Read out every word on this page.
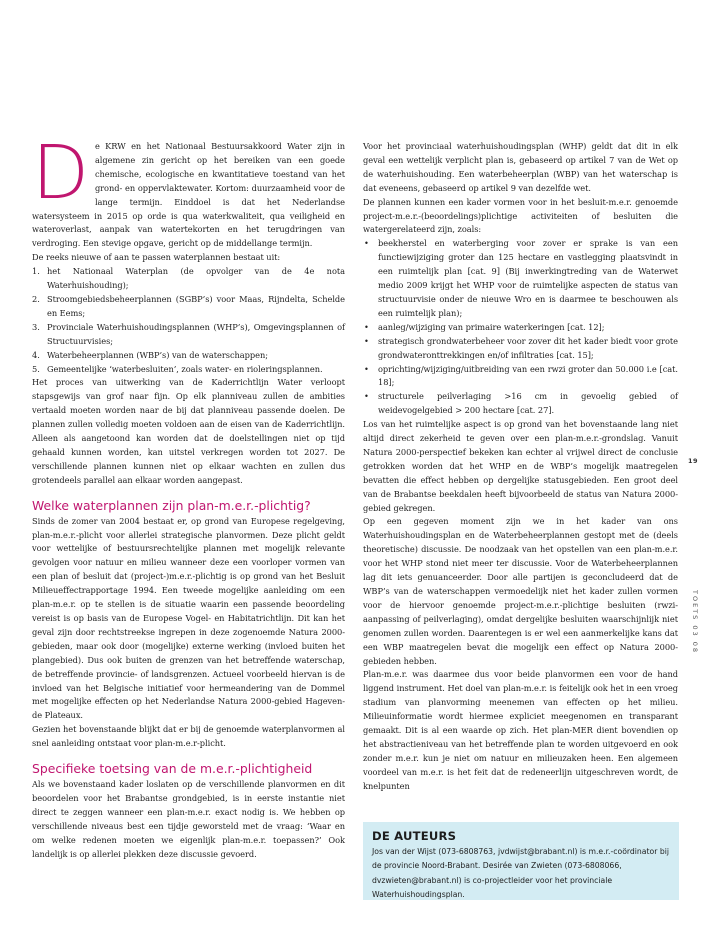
De KRW en het Nationaal Bestuursakkoord Water zijn in algemene zin gericht op het bereiken van een goede chemische, ecologische en kwantitatieve toestand van het grond- en oppervlaktewater. Kortom: duurzaamheid voor de lange termijn. Einddoel is dat het Nederlandse watersysteem in 2015 op orde is qua waterkwaliteit, qua veiligheid en wateroverlast, aanpak van watertekorten en het terugdringen van verdroging. Een stevige opgave, gericht op de middellange termijn.

De reeks nieuwe of aan te passen waterplannen bestaat uit:

1. het Nationaal Waterplan (de opvolger van de 4e nota Waterhuishouding);
2. Stroomgebiedsbeheerplannen (SGBP’s) voor Maas, Rijndelta, Schelde en Eems;
3. Provinciale Waterhuishoudingsplannen (WHP’s), Omgevingsplannen of Structuurvisies;
4. Waterbeheerplannen (WBP’s) van de waterschappen;
5. Gemeentelijke ‘waterbesluiten’, zoals water- en rioleringsplannen.

Het proces van uitwerking van de Kaderrichtlijn Water verloopt stapsgewijs van grof naar fijn. Op elk planniveau zullen de ambities vertaald moeten worden naar de bij dat planniveau passende doelen. De plannen zullen volledig moeten voldoen aan de eisen van de Kaderrichtlijn. Alleen als aangetoond kan worden dat de doelstellingen niet op tijd gehaald kunnen worden, kan uitstel verkregen worden tot 2027. De verschillende plannen kunnen niet op elkaar wachten en zullen dus grotendeels parallel aan elkaar worden aangepast.

Welke waterplannen zijn plan-m.e.r.-plichtig?

Sinds de zomer van 2004 bestaat er, op grond van Europese regelgeving, plan-m.e.r.-plicht voor allerlei strategische planvormen. Deze plicht geldt voor wettelijke of bestuursrechtelijke plannen met mogelijk relevante gevolgen voor natuur en milieu wanneer deze een voorloper vormen van een plan of besluit dat (project-)m.e.r.-plichtig is op grond van het Besluit Milieueffectrapportage 1994. Een tweede mogelijke aanleiding om een plan-m.e.r. op te stellen is de situatie waarin een passende beoordeling vereist is op basis van de Europese Vogel- en Habitatrichtlijn. Dit kan het geval zijn door rechtstreekse ingrepen in deze zogenoemde Natura 2000-gebieden, maar ook door (mogelijke) externe werking (invloed buiten het plangebied). Dus ook buiten de grenzen van het betreffende waterschap, de betreffende provincie- of landsgrenzen. Actueel voorbeeld hiervan is de invloed van het Belgische initiatief voor hermeandering van de Dommel met mogelijke effecten op het Nederlandse Natura 2000-gebied Hageven-de Plateaux.

Gezien het bovenstaande blijkt dat er bij de genoemde waterplanvormen al snel aanleiding ontstaat voor plan-m.e.r-plicht.

Specifieke toetsing van de m.e.r.-plichtigheid

Als we bovenstaand kader loslaten op de verschillende planvormen en dit beoordelen voor het Brabantse grondgebied, is in eerste instantie niet direct te zeggen wanneer een plan-m.e.r. exact nodig is. We hebben op verschillende niveaus best een tijdje geworsteld met de vraag: ‘Waar en om welke redenen moeten we eigenlijk plan-m.e.r. toepassen?’ Ook landelijk is op allerlei plekken deze discussie gevoerd.

Voor het provinciaal waterhuishoudingsplan (WHP) geldt dat dit in elk geval een wettelijk verplicht plan is, gebaseerd op artikel 7 van de Wet op de waterhuishouding. Een waterbeheerplan (WBP) van het waterschap is dat eveneens, gebaseerd op artikel 9 van dezelfde wet.

De plannen kunnen een kader vormen voor in het besluit-m.e.r. genoemde project-m.e.r.-(beoordelings)plichtige activiteiten of besluiten die watergerelateerd zijn, zoals:

• beekherstel en waterberging voor zover er sprake is van een functiewijziging groter dan 125 hectare en vastlegging plaatsvindt in een ruimtelijk plan [cat. 9] (Bij inwerkingtreding van de Waterwet medio 2009 krijgt het WHP voor de ruimtelijke aspecten de status van structuurvisie onder de nieuwe Wro en is daarmee te beschouwen als een ruimtelijk plan);
• aanleg/wijziging van primaire waterkeringen [cat. 12];
• strategisch grondwaterbeheer voor zover dit het kader biedt voor grote grondwateronttrekkingen en/of infiltraties [cat. 15];
• oprichting/wijziging/uitbreiding van een rwzi groter dan 50.000 i.e [cat. 18];
• structurele peilverlaging >16 cm in gevoelig gebied of weidevogelgebied > 200 hectare [cat. 27].

Los van het ruimtelijke aspect is op grond van het bovenstaande lang niet altijd direct zekerheid te geven over een plan-m.e.r.-grondslag. Vanuit Natura 2000-perspectief bekeken kan echter al vrijwel direct de conclusie getrokken worden dat het WHP en de WBP’s mogelijk maatregelen bevatten die effect hebben op dergelijke statusgebieden. Een groot deel van de Brabantse beekdalen heeft bijvoorbeeld de status van Natura 2000-gebied gekregen.

Op een gegeven moment zijn we in het kader van ons Waterhuishoudingsplan en de Waterbeheerplannen gestopt met de (deels theoretische) discussie. De noodzaak van het opstellen van een plan-m.e.r. voor het WHP stond niet meer ter discussie. Voor de Waterbeheerplannen lag dit iets genuanceerder. Door alle partijen is geconcludeerd dat de WBP’s van de waterschappen vermoedelijk niet het kader zullen vormen voor de hiervoor genoemde project-m.e.r.-plichtige besluiten (rwzi-aanpassing of peilverlaging), omdat dergelijke besluiten waarschijnlijk niet genomen zullen worden. Daarentegen is er wel een aanmerkelijke kans dat een WBP maatregelen bevat die mogelijk een effect op Natura 2000-gebieden hebben.

Plan-m.e.r. was daarmee dus voor beide planvormen een voor de hand liggend instrument. Het doel van plan-m.e.r. is feitelijk ook het in een vroeg stadium van planvorming meenemen van effecten op het milieu. Milieuinformatie wordt hiermee expliciet meegenomen en transparant gemaakt. Dit is al een waarde op zich. Het plan-MER dient bovendien op het abstractieniveau van het betreffende plan te worden uitgevoerd en ook zonder m.e.r. kun je niet om natuur en milieuzaken heen. Een algemeen voordeel van m.e.r. is het feit dat de redeneerlijn uitgeschreven wordt, de knelpunten

19
TOETS 03 08
DE AUTEURS

Jos van der Wijst (073-6808763, jvdwijst@brabant.nl) is m.e.r.-coördinator bij de provincie Noord-Brabant. Desirée van Zwieten (073-6808066, dvzwieten@brabant.nl) is co-projectleider voor het provinciale Waterhuishoudingsplan.
